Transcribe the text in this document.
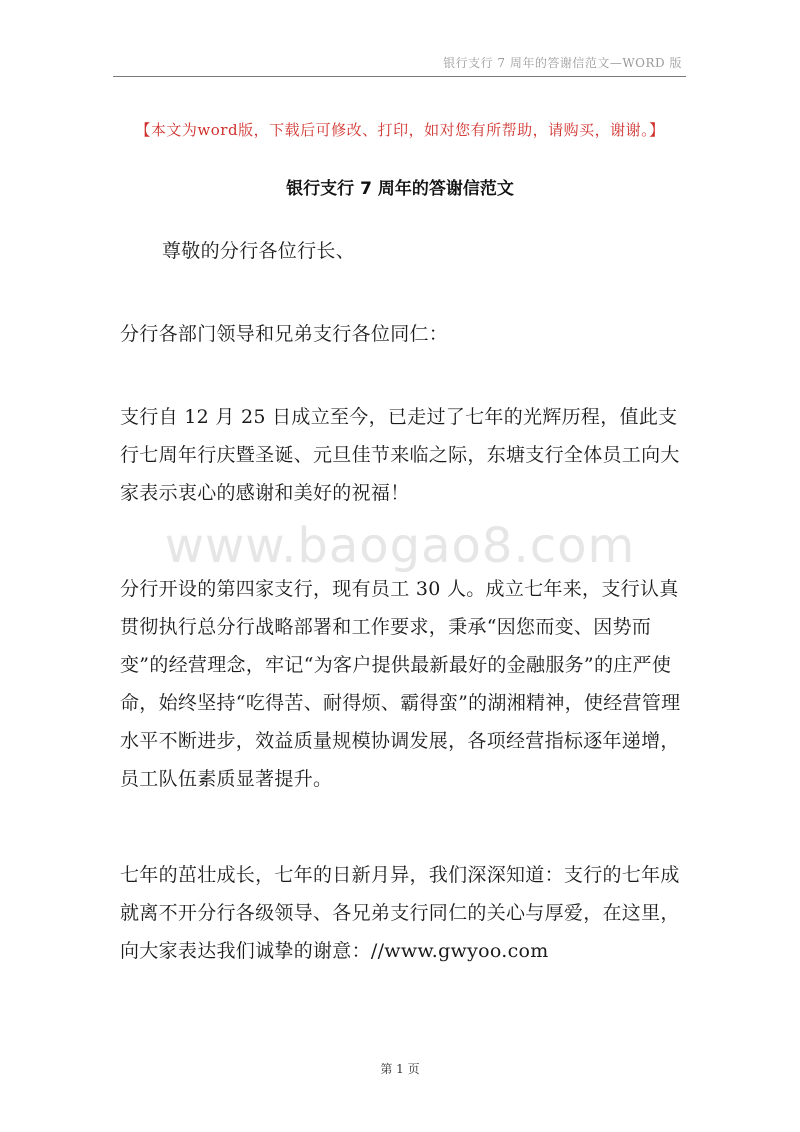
银行支行 7 周年的答谢信范文—WORD 版
【本文为word版，下载后可修改、打印，如对您有所帮助，请购买，谢谢。】
银行支行 7 周年的答谢信范文

尊敬的分行各位行长、

分行各部门领导和兄弟支行各位同仁：

支行自 12 月 25 日成立至今，已走过了七年的光辉历程，值此支行七周年行庆暨圣诞、元旦佳节来临之际，东塘支行全体员工向大家表示衷心的感谢和美好的祝福！

www.baogao8.com

分行开设的第四家支行，现有员工 30 人。成立七年来，支行认真贯彻执行总分行战略部署和工作要求，秉承“因您而变、因势而变”的经营理念，牢记“为客户提供最新最好的金融服务”的庄严使命，始终坚持“吃得苦、耐得烦、霸得蛮”的湖湘精神，使经营管理水平不断进步，效益质量规模协调发展，各项经营指标逐年递增，员工队伍素质显著提升。

七年的茁壮成长，七年的日新月异，我们深深知道：支行的七年成就离不开分行各级领导、各兄弟支行同仁的关心与厚爱，在这里，向大家表达我们诚挚的谢意：//www.gwyoo.com

第 1 页
